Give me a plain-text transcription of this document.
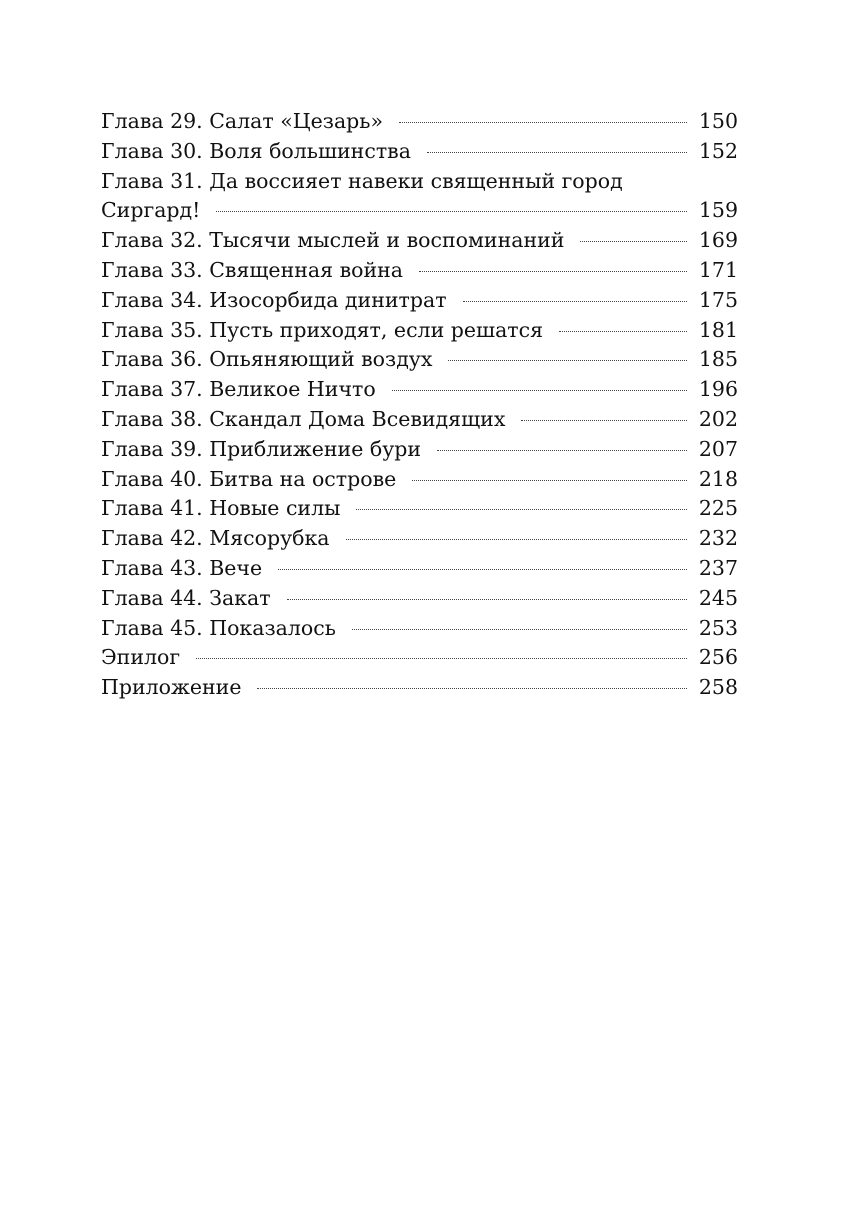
Глава 29. Салат «Цезарь»	150
Глава 30. Воля большинства	152
Глава 31. Да воссияет навеки священный город
Сиргард!	159
Глава 32. Тысячи мыслей и воспоминаний	169
Глава 33. Священная война	171
Глава 34. Изосорбида динитрат	175
Глава 35. Пусть приходят, если решатся	181
Глава 36. Опьяняющий воздух	185
Глава 37. Великое Ничто	196
Глава 38. Скандал Дома Всевидящих	202
Глава 39. Приближение бури	207
Глава 40. Битва на острове	218
Глава 41. Новые силы	225
Глава 42. Мясорубка	232
Глава 43. Вече	237
Глава 44. Закат	245
Глава 45. Показалось	253
Эпилог	256
Приложение	258
